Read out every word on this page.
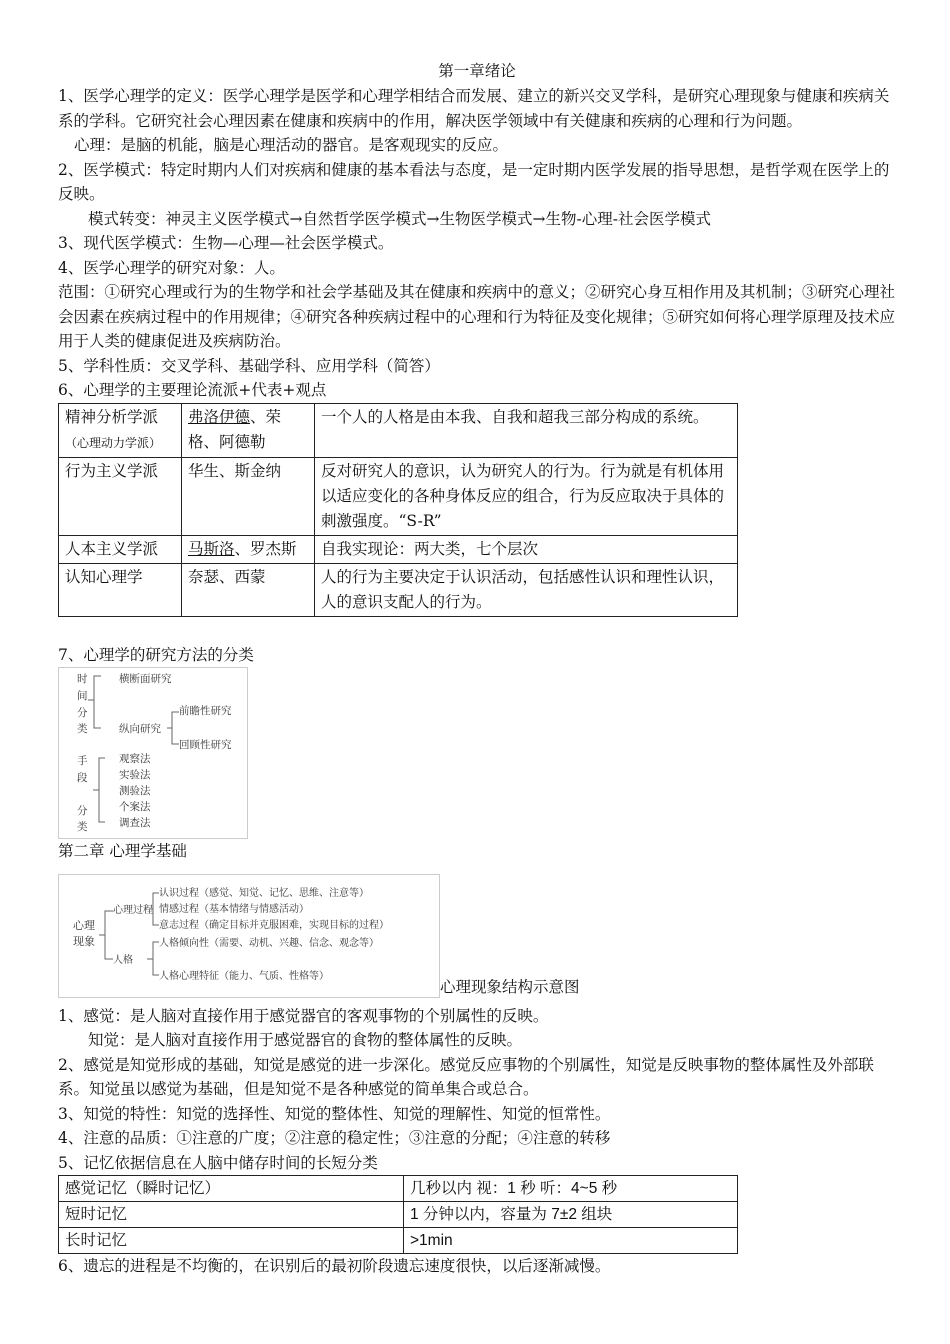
第一章绪论

1、医学心理学的定义：医学心理学是医学和心理学相结合而发展、建立的新兴交叉学科，是研究心理现象与健康和疾病关系的学科。它研究社会心理因素在健康和疾病中的作用，解决医学领域中有关健康和疾病的心理和行为问题。

心理：是脑的机能，脑是心理活动的器官。是客观现实的反应。

2、医学模式：特定时期内人们对疾病和健康的基本看法与态度，是一定时期内医学发展的指导思想，是哲学观在医学上的反映。

模式转变：神灵主义医学模式→自然哲学医学模式→生物医学模式→生物-心理-社会医学模式

3、现代医学模式：生物—心理—社会医学模式。

4、医学心理学的研究对象：人。

范围：①研究心理或行为的生物学和社会学基础及其在健康和疾病中的意义；②研究心身互相作用及其机制；③研究心理社会因素在疾病过程中的作用规律；④研究各种疾病过程中的心理和行为特征及变化规律；⑤研究如何将心理学原理及技术应用于人类的健康促进及疾病防治。

5、学科性质：交叉学科、基础学科、应用学科（简答）

6、心理学的主要理论流派+代表+观点

精神分析学派
（心理动力学派）	弗洛伊德、荣格、阿德勒	一个人的人格是由本我、自我和超我三部分构成的系统。
行为主义学派	华生、斯金纳	反对研究人的意识，认为研究人的行为。行为就是有机体用以适应变化的各种身体反应的组合，行为反应取决于具体的刺激强度。“S-R”
人本主义学派	马斯洛、罗杰斯	自我实现论：两大类，七个层次
认知心理学	奈瑟、西蒙	人的行为主要决定于认识活动，包括感性认识和理性认识，人的意识支配人的行为。

7、心理学的研究方法的分类

时
间
分
类
横断面研究
纵向研究
前瞻性研究
回顾性研究
手
段
分
类
观察法
实验法
测验法
个案法
调查法

第二章 心理学基础

心理
现象
心理过程
认识过程（感觉、知觉、记忆、思维、注意等）
情感过程（基本情绪与情感活动）
意志过程（确定目标并克服困难，实现目标的过程）
人格
人格倾向性（需要、动机、兴趣、信念、观念等）
人格心理特征（能力、气质、性格等）
心理现象结构示意图

1、感觉：是人脑对直接作用于感觉器官的客观事物的个别属性的反映。

知觉：是人脑对直接作用于感觉器官的食物的整体属性的反映。

2、感觉是知觉形成的基础，知觉是感觉的进一步深化。感觉反应事物的个别属性，知觉是反映事物的整体属性及外部联系。知觉虽以感觉为基础，但是知觉不是各种感觉的简单集合或总合。

3、知觉的特性：知觉的选择性、知觉的整体性、知觉的理解性、知觉的恒常性。

4、注意的品质：①注意的广度；②注意的稳定性；③注意的分配；④注意的转移

5、记忆依据信息在人脑中储存时间的长短分类

感觉记忆（瞬时记忆）	几秒以内 视：1 秒 听：4~5 秒
短时记忆	1 分钟以内，容量为 7±2 组块
长时记忆	>1min

6、遗忘的进程是不均衡的，在识别后的最初阶段遗忘速度很快，以后逐渐减慢。
